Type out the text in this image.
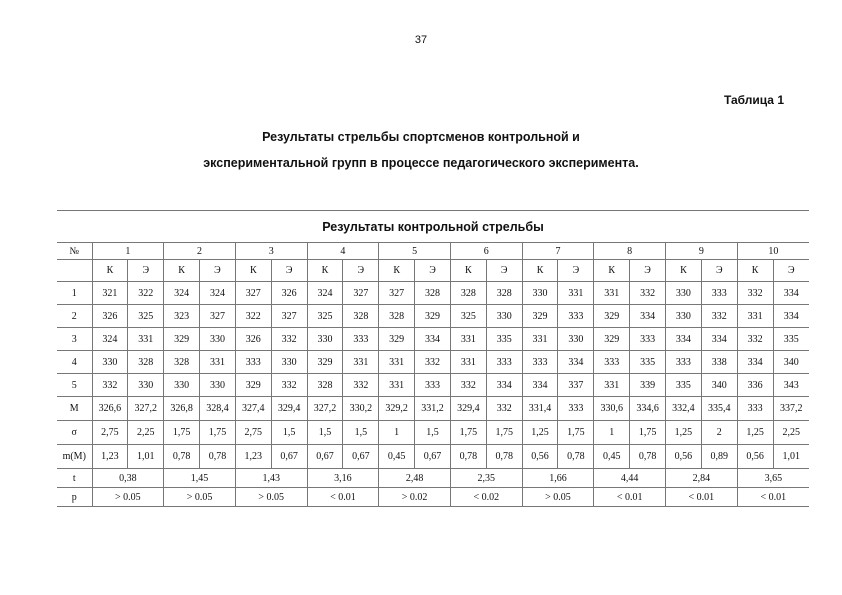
37
Таблица 1
Результаты стрельбы спортсменов контрольной и
экспериментальной групп в процессе педагогического эксперимента.
Результаты контрольной стрельбы																				
№	1		2		3		4		5		6		7		8		9		10	
	К	Э	К	Э	К	Э	К	Э	К	Э	К	Э	К	Э	К	Э	К	Э	К	Э
1	321	322	324	324	327	326	324	327	327	328	328	328	330	331	331	332	330	333	332	334
2	326	325	323	327	322	327	325	328	328	329	325	330	329	333	329	334	330	332	331	334
3	324	331	329	330	326	332	330	333	329	334	331	335	331	330	329	333	334	334	332	335
4	330	328	328	331	333	330	329	331	331	332	331	333	333	334	333	335	333	338	334	340
5	332	330	330	330	329	332	328	332	331	333	332	334	334	337	331	339	335	340	336	343
M	326,6	327,2	326,8	328,4	327,4	329,4	327,2	330,2	329,2	331,2	329,4	332	331,4	333	330,6	334,6	332,4	335,4	333	337,2
σ	2,75	2,25	1,75	1,75	2,75	1,5	1,5	1,5	1	1,5	1,75	1,75	1,25	1,75	1	1,75	1,25	2	1,25	2,25
m(M)	1,23	1,01	0,78	0,78	1,23	0,67	0,67	0,67	0,45	0,67	0,78	0,78	0,56	0,78	0,45	0,78	0,56	0,89	0,56	1,01
t	0,38		1,45		1,43		3,16		2,48		2,35		1,66		4,44		2,84		3,65	
p	> 0.05		> 0.05		> 0.05		< 0.01		> 0.02		< 0.02		> 0.05		< 0.01		< 0.01		< 0.01	
